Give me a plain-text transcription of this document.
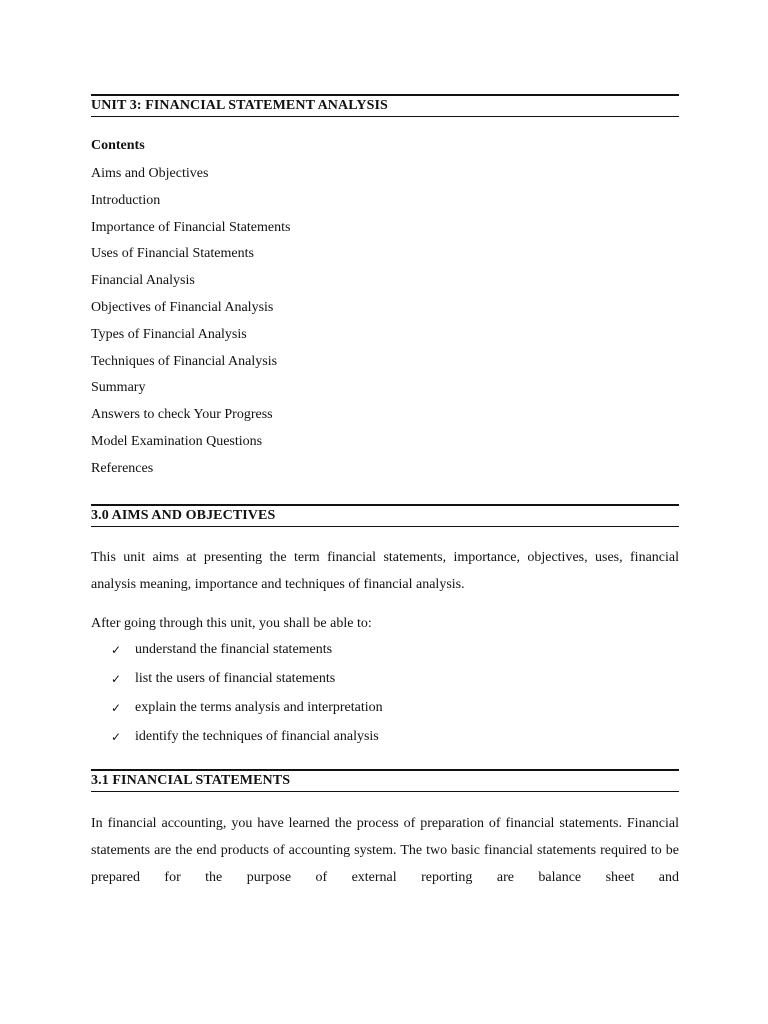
UNIT 3: FINANCIAL STATEMENT ANALYSIS
Contents
Aims and Objectives
Introduction
Importance of Financial Statements
Uses of Financial Statements
Financial Analysis
Objectives of Financial Analysis
Types of Financial Analysis
Techniques of Financial Analysis
Summary
Answers to check Your Progress
Model Examination Questions
References
3.0 AIMS AND OBJECTIVES

This unit aims at presenting the term financial statements, importance, objectives, uses, financial analysis meaning, importance and techniques of financial analysis.

After going through this unit, you shall be able to:

✓ understand the financial statements
✓ list the users of financial statements
✓ explain the terms analysis and interpretation
✓ identify the techniques of financial analysis
3.1 FINANCIAL STATEMENTS

In financial accounting, you have learned the process of preparation of financial statements. Financial statements are the end products of accounting system. The two basic financial statements required to be prepared for the purpose of external reporting are balance sheet and
